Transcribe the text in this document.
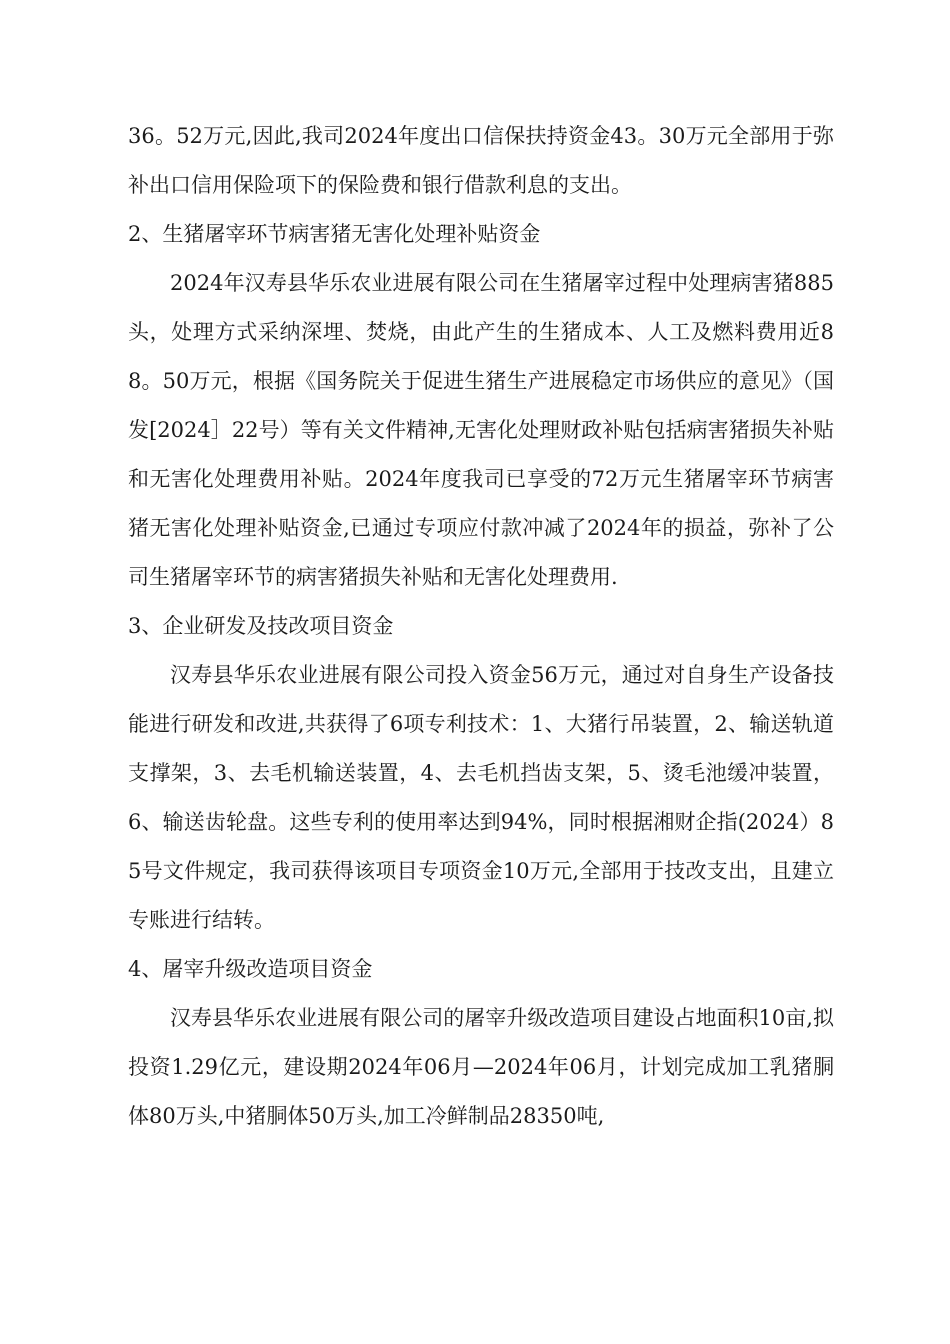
36。52万元,因此,我司2024年度出口信保扶持资金43。30万元全部用于弥补出口信用保险项下的保险费和银行借款利息的支出。

2、生猪屠宰环节病害猪无害化处理补贴资金

2024年汉寿县华乐农业进展有限公司在生猪屠宰过程中处理病害猪885头，处理方式采纳深埋、焚烧，由此产生的生猪成本、人工及燃料费用近88。50万元，根据《国务院关于促进生猪生产进展稳定市场供应的意见》（国发[2024］22号）等有关文件精神,无害化处理财政补贴包括病害猪损失补贴和无害化处理费用补贴。2024年度我司已享受的72万元生猪屠宰环节病害猪无害化处理补贴资金,已通过专项应付款冲减了2024年的损益，弥补了公司生猪屠宰环节的病害猪损失补贴和无害化处理费用.

3、企业研发及技改项目资金

汉寿县华乐农业进展有限公司投入资金56万元，通过对自身生产设备技能进行研发和改进,共获得了6项专利技术：1、大猪行吊装置，2、输送轨道支撑架，3、去毛机输送装置，4、去毛机挡齿支架，5、烫毛池缓冲装置，6、输送齿轮盘。这些专利的使用率达到94%，同时根据湘财企指(2024）85号文件规定，我司获得该项目专项资金10万元,全部用于技改支出，且建立专账进行结转。

4、屠宰升级改造项目资金

汉寿县华乐农业进展有限公司的屠宰升级改造项目建设占地面积10亩,拟投资1.29亿元，建设期2024年06月—2024年06月，计划完成加工乳猪胴体80万头,中猪胴体50万头,加工冷鲜制品28350吨,
